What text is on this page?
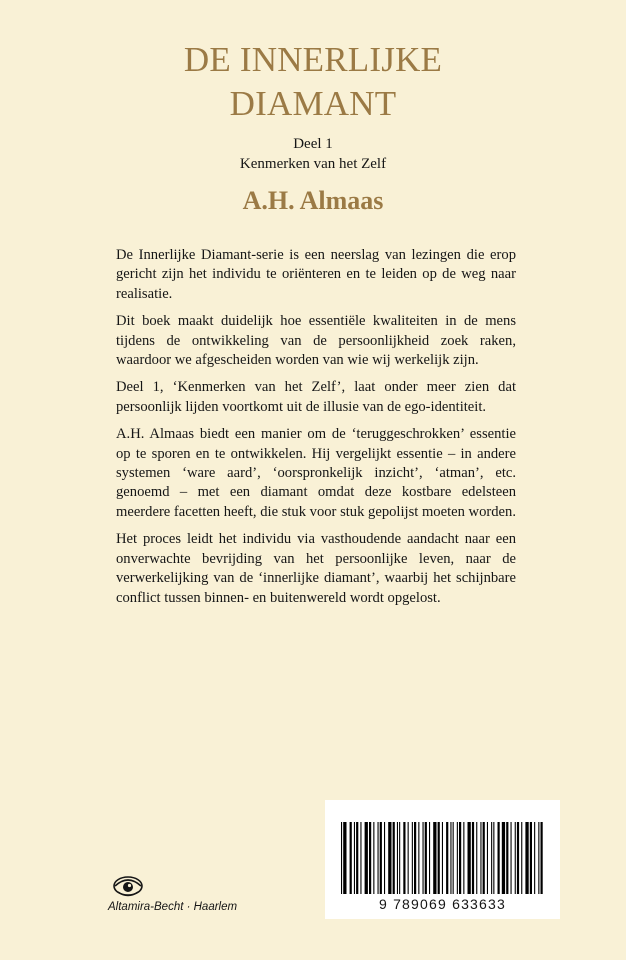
DE INNERLIJKE
DIAMANT
Deel 1
Kenmerken van het Zelf
A.H. Almaas

De Innerlijke Diamant-serie is een neerslag van lezingen die erop gericht zijn het individu te oriënteren en te leiden op de weg naar realisatie.

Dit boek maakt duidelijk hoe essentiële kwaliteiten in de mens tijdens de ontwikkeling van de persoonlijkheid zoek raken, waardoor we afgescheiden worden van wie wij werkelijk zijn.

Deel 1, ‘Kenmerken van het Zelf’, laat onder meer zien dat persoonlijk lijden voortkomt uit de illusie van de ego-identiteit.

A.H. Almaas biedt een manier om de ‘teruggeschrokken’ essentie op te sporen en te ontwikkelen. Hij vergelijkt essentie – in andere systemen ‘ware aard’, ‘oorspronkelijk inzicht’, ‘atman’, etc. genoemd – met een diamant omdat deze kostbare edelsteen meerdere facetten heeft, die stuk voor stuk gepolijst moeten worden.

Het proces leidt het individu via vasthoudende aandacht naar een onverwachte bevrijding van het persoonlijke leven, naar de verwerkelijking van de ‘innerlijke diamant’, waarbij het schijnbare conflict tussen binnen- en buitenwereld wordt opgelost.

Altamira-Becht · Haarlem	9 789069 633633
